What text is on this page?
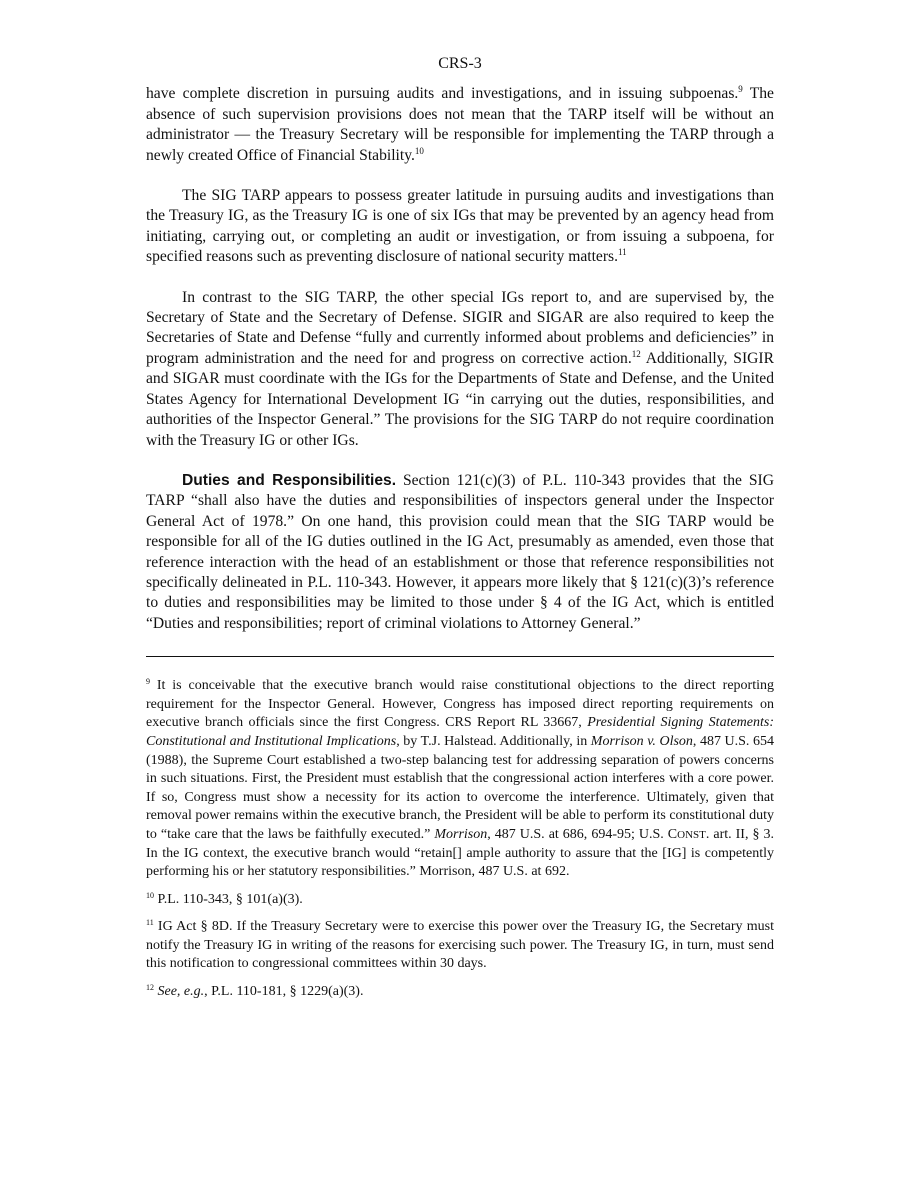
CRS-3

have complete discretion in pursuing audits and investigations, and in issuing subpoenas.$^9$ The absence of such supervision provisions does not mean that the TARP itself will be without an administrator — the Treasury Secretary will be responsible for implementing the TARP through a newly created Office of Financial Stability.$^{10}$

The SIG TARP appears to possess greater latitude in pursuing audits and investigations than the Treasury IG, as the Treasury IG is one of six IGs that may be prevented by an agency head from initiating, carrying out, or completing an audit or investigation, or from issuing a subpoena, for specified reasons such as preventing disclosure of national security matters.$^{11}$

In contrast to the SIG TARP, the other special IGs report to, and are supervised by, the Secretary of State and the Secretary of Defense. SIGIR and SIGAR are also required to keep the Secretaries of State and Defense “fully and currently informed about problems and deficiencies” in program administration and the need for and progress on corrective action.$^{12}$ Additionally, SIGIR and SIGAR must coordinate with the IGs for the Departments of State and Defense, and the United States Agency for International Development IG “in carrying out the duties, responsibilities, and authorities of the Inspector General.” The provisions for the SIG TARP do not require coordination with the Treasury IG or other IGs.

Duties and Responsibilities. Section 121(c)(3) of P.L. 110-343 provides that the SIG TARP “shall also have the duties and responsibilities of inspectors general under the Inspector General Act of 1978.” On one hand, this provision could mean that the SIG TARP would be responsible for all of the IG duties outlined in the IG Act, presumably as amended, even those that reference interaction with the head of an establishment or those that reference responsibilities not specifically delineated in P.L. 110-343. However, it appears more likely that § 121(c)(3)’s reference to duties and responsibilities may be limited to those under § 4 of the IG Act, which is entitled “Duties and responsibilities; report of criminal violations to Attorney General.”

$^9$ It is conceivable that the executive branch would raise constitutional objections to the direct reporting requirement for the Inspector General. However, Congress has imposed direct reporting requirements on executive branch officials since the first Congress. CRS Report RL 33667, Presidential Signing Statements: Constitutional and Institutional Implications, by T.J. Halstead. Additionally, in Morrison v. Olson, 487 U.S. 654 (1988), the Supreme Court established a two-step balancing test for addressing separation of powers concerns in such situations. First, the President must establish that the congressional action interferes with a core power. If so, Congress must show a necessity for its action to overcome the interference. Ultimately, given that removal power remains within the executive branch, the President will be able to perform its constitutional duty to “take care that the laws be faithfully executed.” Morrison, 487 U.S. at 686, 694-95; U.S. CONST. art. II, § 3. In the IG context, the executive branch would “retain[] ample authority to assure that the [IG] is competently performing his or her statutory responsibilities.” Morrison, 487 U.S. at 692.

$^{10}$ P.L. 110-343, § 101(a)(3).

$^{11}$ IG Act § 8D. If the Treasury Secretary were to exercise this power over the Treasury IG, the Secretary must notify the Treasury IG in writing of the reasons for exercising such power. The Treasury IG, in turn, must send this notification to congressional committees within 30 days.

$^{12}$ See, e.g., P.L. 110-181, § 1229(a)(3).
